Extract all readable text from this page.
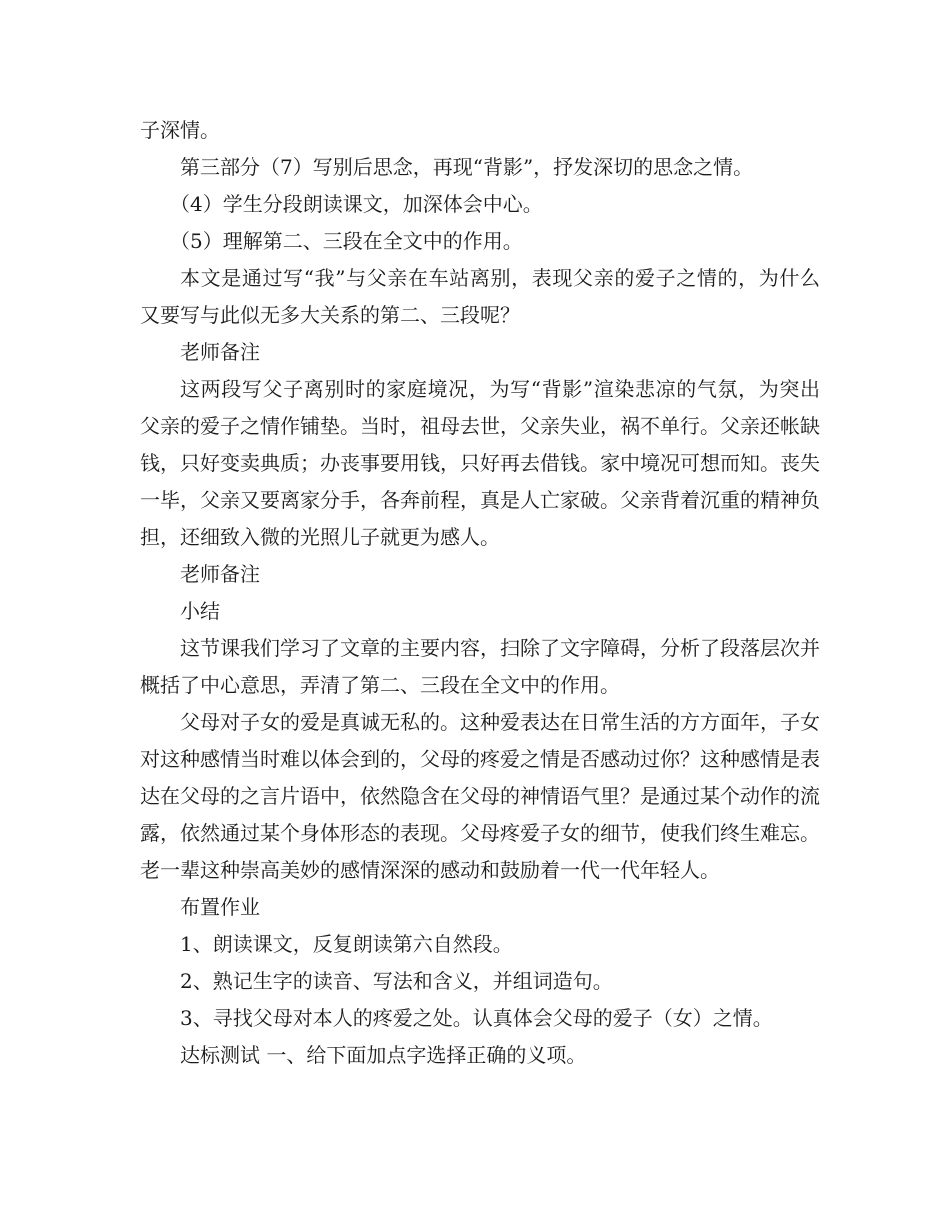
子深情。

第三部分（7）写别后思念，再现“背影”，抒发深切的思念之情。

（4）学生分段朗读课文，加深体会中心。

（5）理解第二、三段在全文中的作用。

本文是通过写“我”与父亲在车站离别，表现父亲的爱子之情的，为什么又要写与此似无多大关系的第二、三段呢？

老师备注

这两段写父子离别时的家庭境况，为写“背影”渲染悲凉的气氛，为突出父亲的爱子之情作铺垫。当时，祖母去世，父亲失业，祸不单行。父亲还帐缺钱，只好变卖典质；办丧事要用钱，只好再去借钱。家中境况可想而知。丧失一毕，父亲又要离家分手，各奔前程，真是人亡家破。父亲背着沉重的精神负担，还细致入微的光照儿子就更为感人。

老师备注

小结

这节课我们学习了文章的主要内容，扫除了文字障碍，分析了段落层次并概括了中心意思，弄清了第二、三段在全文中的作用。

父母对子女的爱是真诚无私的。这种爱表达在日常生活的方方面年，子女对这种感情当时难以体会到的，父母的疼爱之情是否感动过你？这种感情是表达在父母的之言片语中，依然隐含在父母的神情语气里？是通过某个动作的流露，依然通过某个身体形态的表现。父母疼爱子女的细节，使我们终生难忘。老一辈这种崇高美妙的感情深深的感动和鼓励着一代一代年轻人。

布置作业

1、朗读课文，反复朗读第六自然段。

2、熟记生字的读音、写法和含义，并组词造句。

3、寻找父母对本人的疼爱之处。认真体会父母的爱子（女）之情。

达标测试 一、给下面加点字选择正确的义项。
